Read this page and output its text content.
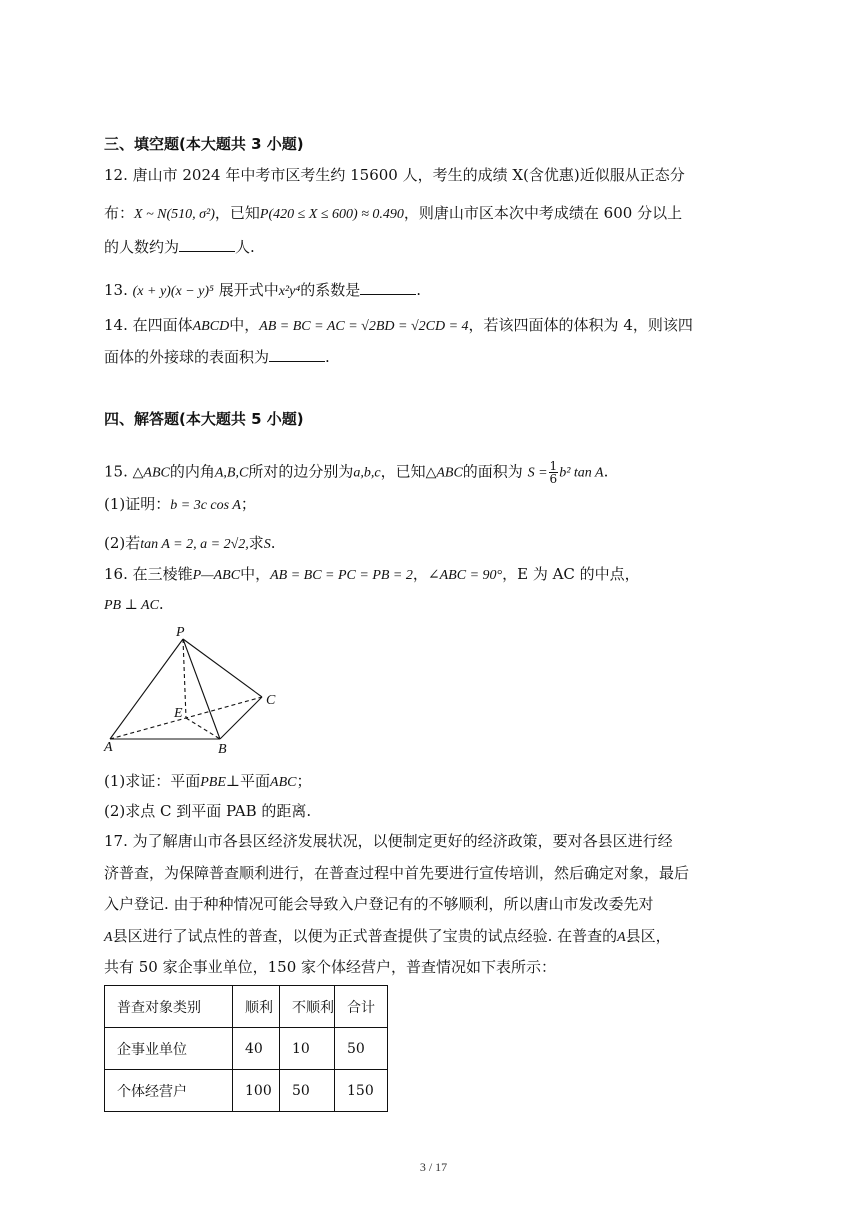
三、填空题(本大题共 3 小题)
12. 唐山市 2024 年中考市区考生约 15600 人，考生的成绩 X(含优惠)近似服从正态分
布：X ~ N(510, σ²)，已知P(420 ≤ X ≤ 600) ≈ 0.490，则唐山市区本次中考成绩在 600 分以上
的人数约为	人.
13. (x + y)(x − y)⁵ 展开式中x²y⁴的系数是	.
14. 在四面体ABCD中，AB = BC = AC = √2BD = √2CD = 4，若该四面体的体积为 4，则该四
面体的外接球的表面积为	.
四、解答题(本大题共 5 小题)
15. △ABC的内角A,B,C所对的边分别为a,b,c，已知△ABC的面积为 $S = \frac{1}{6} b^2$ tan A.
(1)证明：b = 3c cos A；
(2)若tan A = 2, a = 2√2,求S.
16. 在三棱锥P—ABC中，AB = BC = PC = PB = 2，∠ABC = 90°，E 为 AC 的中点，
PB ⊥ AC.
P
C
E
A	B
(1)求证：平面PBE⊥平面ABC；
(2)求点 C 到平面 PAB 的距离.
17. 为了解唐山市各县区经济发展状况，以便制定更好的经济政策，要对各县区进行经
济普查，为保障普查顺利进行，在普查过程中首先要进行宣传培训，然后确定对象，最后
入户登记. 由于种种情况可能会导致入户登记有的不够顺利，所以唐山市发改委先对
A县区进行了试点性的普查，以便为正式普查提供了宝贵的试点经验. 在普查的A县区，
共有 50 家企事业单位，150 家个体经营户，普查情况如下表所示：
普查对象类别	顺利	不顺利	合计
企事业单位	40	10	50
个体经营户	100	50	150
3 / 17
